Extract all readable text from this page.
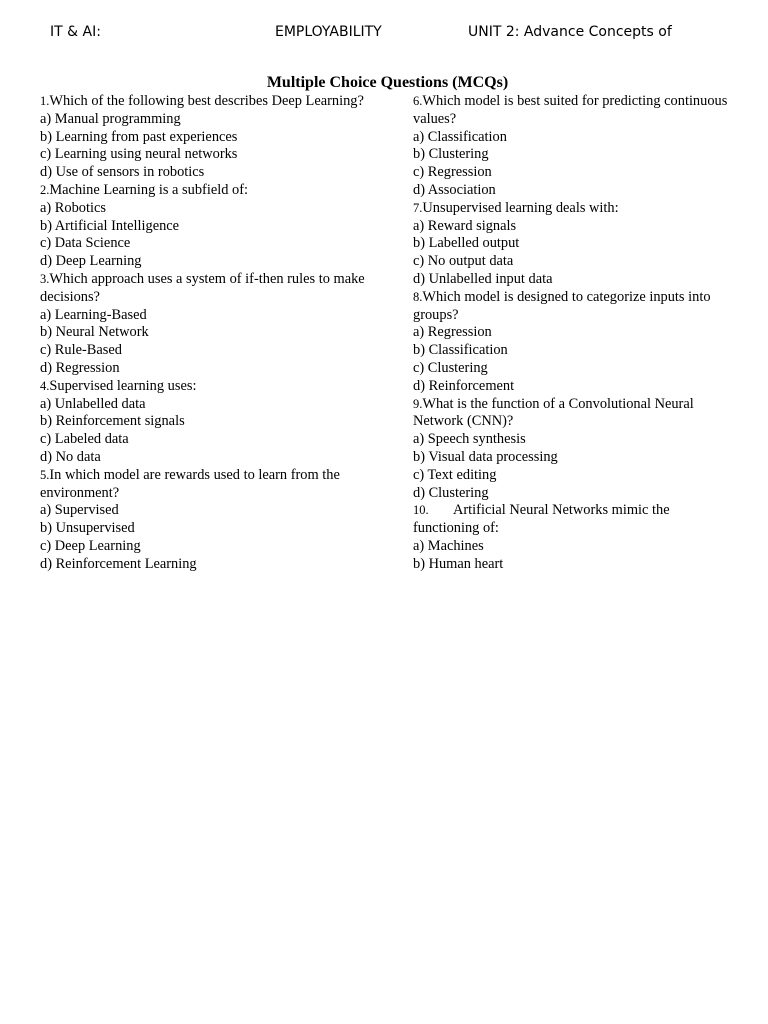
IT & AI:	EMPLOYABILITY	UNIT 2: Advance Concepts of
Multiple Choice Questions (MCQs)
1.Which of the following best describes Deep Learning?
a) Manual programming
b) Learning from past experiences
c) Learning using neural networks
d) Use of sensors in robotics
2.Machine Learning is a subfield of:
a) Robotics
b) Artificial Intelligence
c) Data Science
d) Deep Learning
3.Which approach uses a system of if-then rules to make decisions?
a) Learning-Based
b) Neural Network
c) Rule-Based
d) Regression
4.Supervised learning uses:
a) Unlabelled data
b) Reinforcement signals
c) Labeled data
d) No data
5.In which model are rewards used to learn from the environment?
a) Supervised
b) Unsupervised
c) Deep Learning
d) Reinforcement Learning
6.Which model is best suited for predicting continuous values?
a) Classification
b) Clustering
c) Regression
d) Association
7.Unsupervised learning deals with:
a) Reward signals
b) Labelled output
c) No output data
d) Unlabelled input data
8.Which model is designed to categorize inputs into groups?
a) Regression
b) Classification
c) Clustering
d) Reinforcement
9.What is the function of a Convolutional Neural Network (CNN)?
a) Speech synthesis
b) Visual data processing
c) Text editing
d) Clustering
10. Artificial Neural Networks mimic the functioning of:
a) Machines
b) Human heart
